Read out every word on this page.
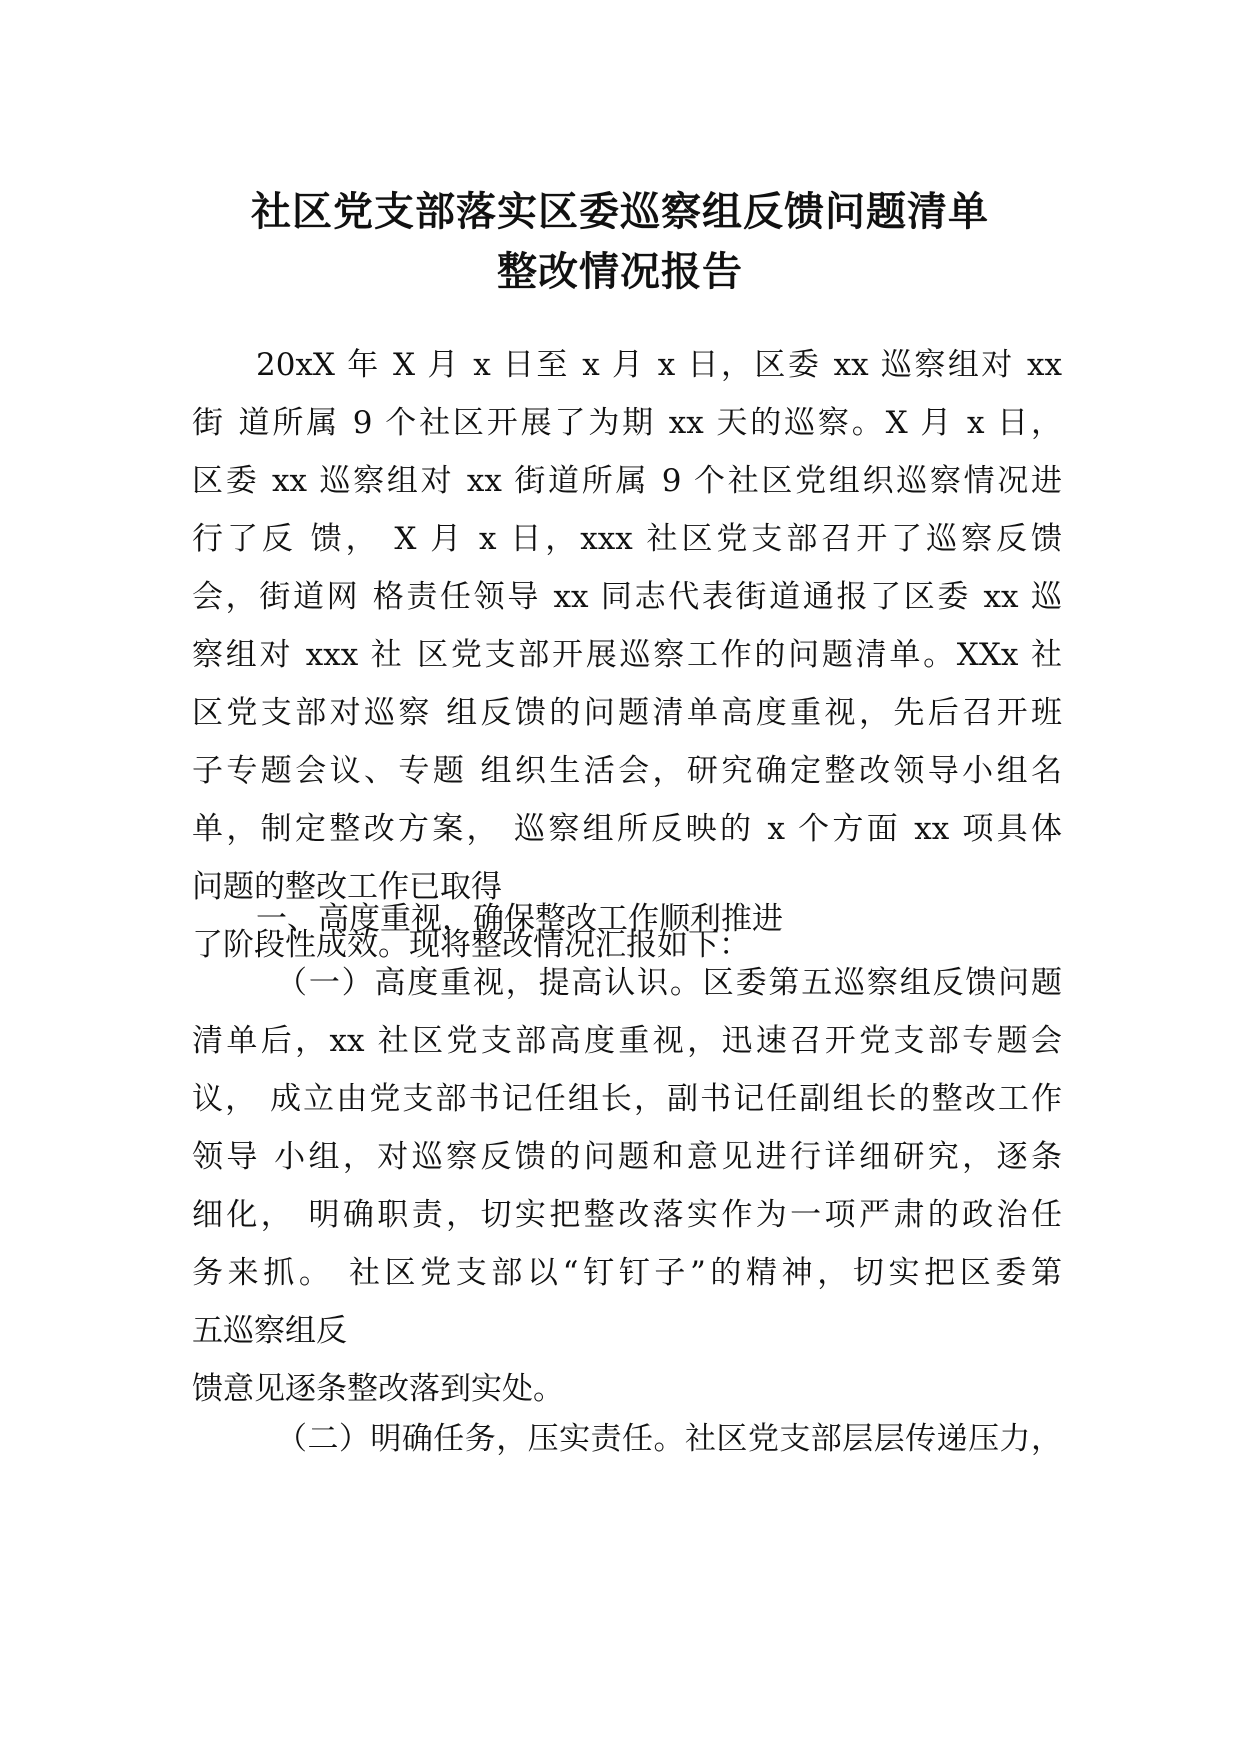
社区党支部落实区委巡察组反馈问题清单
整改情况报告
20xX 年 X 月 x 日至 x 月 x 日，区委 xx 巡察组对 xx
街 道所属 9 个社区开展了为期 xx 天的巡察。X 月 x 日，
区委 xx 巡察组对 xx 街道所属 9 个社区党组织巡察情况进
行了反 馈， X 月 x 日，xxx 社区党支部召开了巡察反馈
会，街道网 格责任领导 xx 同志代表街道通报了区委 xx 巡
察组对 xxx 社 区党支部开展巡察工作的问题清单。XXx 社
区党支部对巡察 组反馈的问题清单高度重视，先后召开班
子专题会议、专题 组织生活会，研究确定整改领导小组名
单，制定整改方案， 巡察组所反映的 x 个方面 xx 项具体
问题的整改工作已取得
了阶段性成效。现将整改情况汇报如下：
一、高度重视，确保整改工作顺利推进
（一）高度重视，提高认识。区委第五巡察组反馈问题
清单后，xx 社区党支部高度重视，迅速召开党支部专题会
议， 成立由党支部书记任组长，副书记任副组长的整改工作
领导 小组，对巡察反馈的问题和意见进行详细研究，逐条
细化， 明确职责，切实把整改落实作为一项严肃的政治任
务来抓。 社区党支部以“钉钉子”的精神，切实把区委第
五巡察组反
馈意见逐条整改落到实处。
（二）明确任务，压实责任。社区党支部层层传递压力，
